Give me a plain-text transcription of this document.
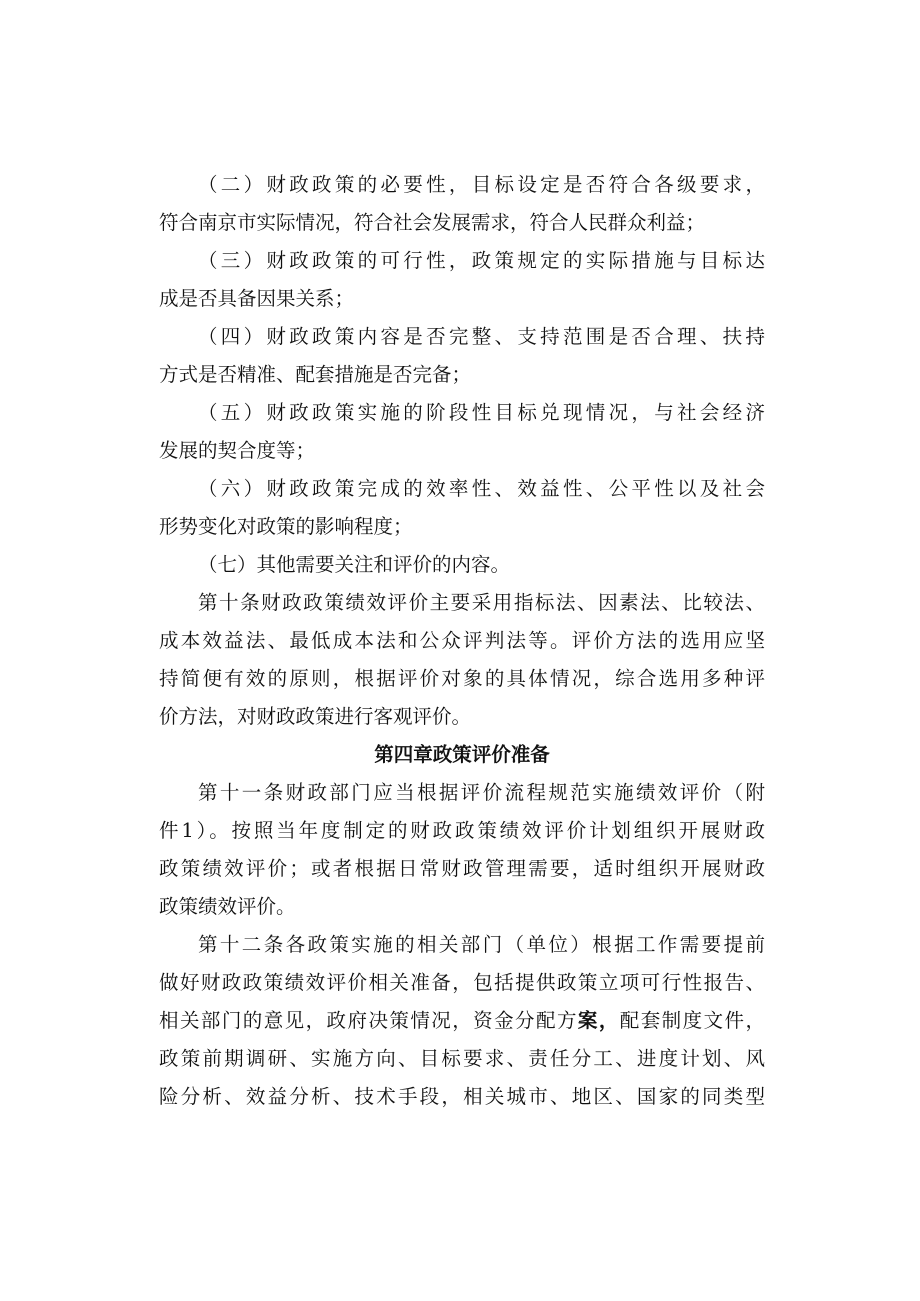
（二）财政政策的必要性，目标设定是否符合各级要求，
符合南京市实际情况，符合社会发展需求，符合人民群众利益；
（三）财政政策的可行性，政策规定的实际措施与目标达
成是否具备因果关系；
（四）财政政策内容是否完整、支持范围是否合理、扶持
方式是否精准、配套措施是否完备；
（五）财政政策实施的阶段性目标兑现情况，与社会经济
发展的契合度等；
（六）财政政策完成的效率性、效益性、公平性以及社会
形势变化对政策的影响程度；
（七）其他需要关注和评价的内容。
第十条财政政策绩效评价主要采用指标法、因素法、比较法、
成本效益法、最低成本法和公众评判法等。评价方法的选用应坚
持简便有效的原则，根据评价对象的具体情况，综合选用多种评
价方法，对财政政策进行客观评价。
第四章政策评价准备
第十一条财政部门应当根据评价流程规范实施绩效评价（附
件1）。按照当年度制定的财政政策绩效评价计划组织开展财政
政策绩效评价；或者根据日常财政管理需要，适时组织开展财政
政策绩效评价。
第十二条各政策实施的相关部门（单位）根据工作需要提前
做好财政政策绩效评价相关准备，包括提供政策立项可行性报告、
相关部门的意见，政府决策情况，资金分配方案，配套制度文件，
政策前期调研、实施方向、目标要求、责任分工、进度计划、风
险分析、效益分析、技术手段，相关城市、地区、国家的同类型
